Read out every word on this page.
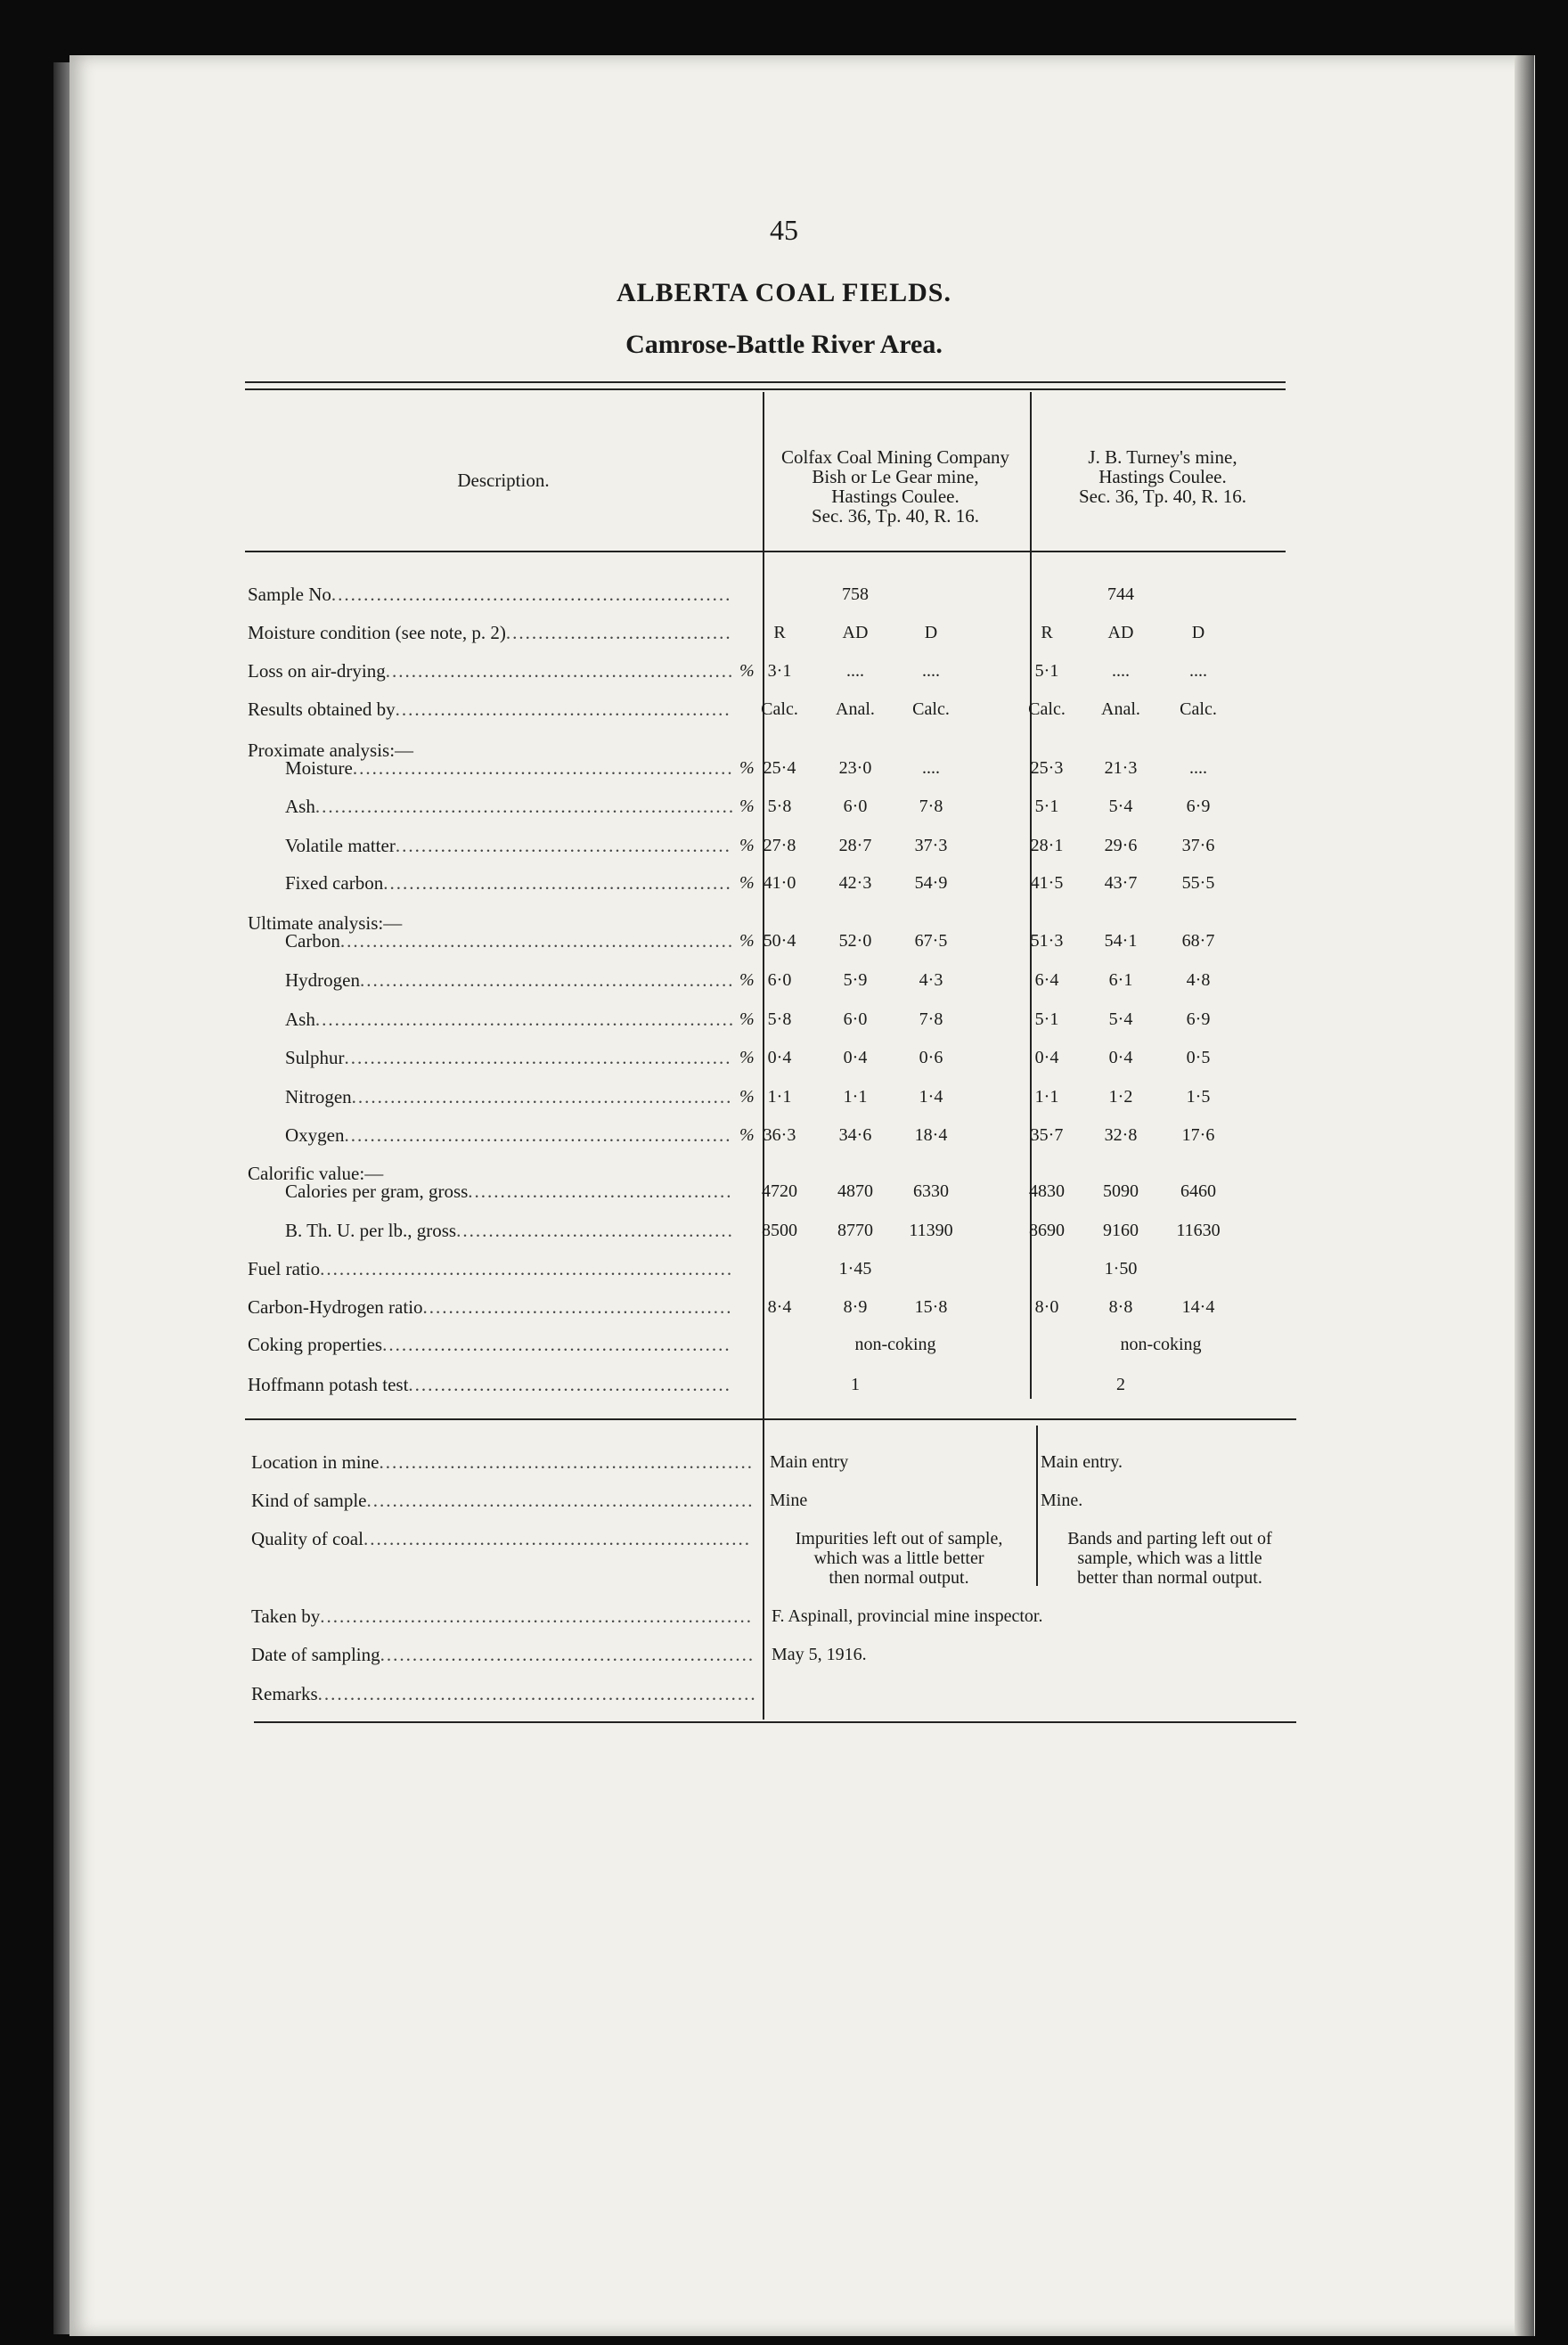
45
ALBERTA COAL FIELDS.
Camrose-Battle River Area.
Description.
Colfax Coal Mining Company
Bish or Le Gear mine,
Hastings Coulee.
Sec. 36, Tp. 40, R. 16.
J. B. Turney's mine,
Hastings Coulee.
Sec. 36, Tp. 40, R. 16.
Sample No..............................................................	758	744
Moisture condition (see note, p. 2)...................................	R	AD	D	R	AD	D
Loss on air-drying...................................................... % 3·1	....	....	5·1	....	....
Results obtained by....................................................	Calc.	Anal.	Calc.	Calc.	Anal.	Calc.
Proximate analysis:—
Moisture........................................................... % 25·4	23·0	....	25·3	21·3	....
Ash................................................................. % 5·8	6·0	7·8	5·1	5·4	6·9
Volatile matter.................................................... % 27·8	28·7	37·3	28·1	29·6	37·6
Fixed carbon...................................................... % 41·0	42·3	54·9	41·5	43·7	55·5
Ultimate analysis:—
Carbon............................................................. % 50·4	52·0	67·5	51·3	54·1	68·7
Hydrogen.......................................................... % 6·0	5·9	4·3	6·4	6·1	4·8
Ash................................................................. % 5·8	6·0	7·8	5·1	5·4	6·9
Sulphur............................................................ % 0·4	0·4	0·6	0·4	0·4	0·5
Nitrogen........................................................... % 1·1	1·1	1·4	1·1	1·2	1·5
Oxygen............................................................ % 36·3	34·6	18·4	35·7	32·8	17·6
Calorific value:—
Calories per gram, gross.........................................	4720	4870	6330	4830	5090	6460
B. Th. U. per lb., gross...........................................	8500	8770	11390	8690	9160	11630
Fuel ratio................................................................	1·45	1·50
Carbon-Hydrogen ratio................................................	8·4	8·9	15·8	8·0	8·8	14·4
Coking properties......................................................	non-coking	non-coking
Hoffmann potash test..................................................	1	2
Location in mine.......................................................... Main entry	Main entry.
Kind of sample............................................................ Mine	Mine.
Quality of coal............................................................	Impurities left out of sample,
which was a little better
then normal output.
Bands and parting left out of
sample, which was a little
better than normal output.
Taken by................................................................... F. Aspinall, provincial mine inspector.
Date of sampling.......................................................... May 5, 1916.
Remarks....................................................................
